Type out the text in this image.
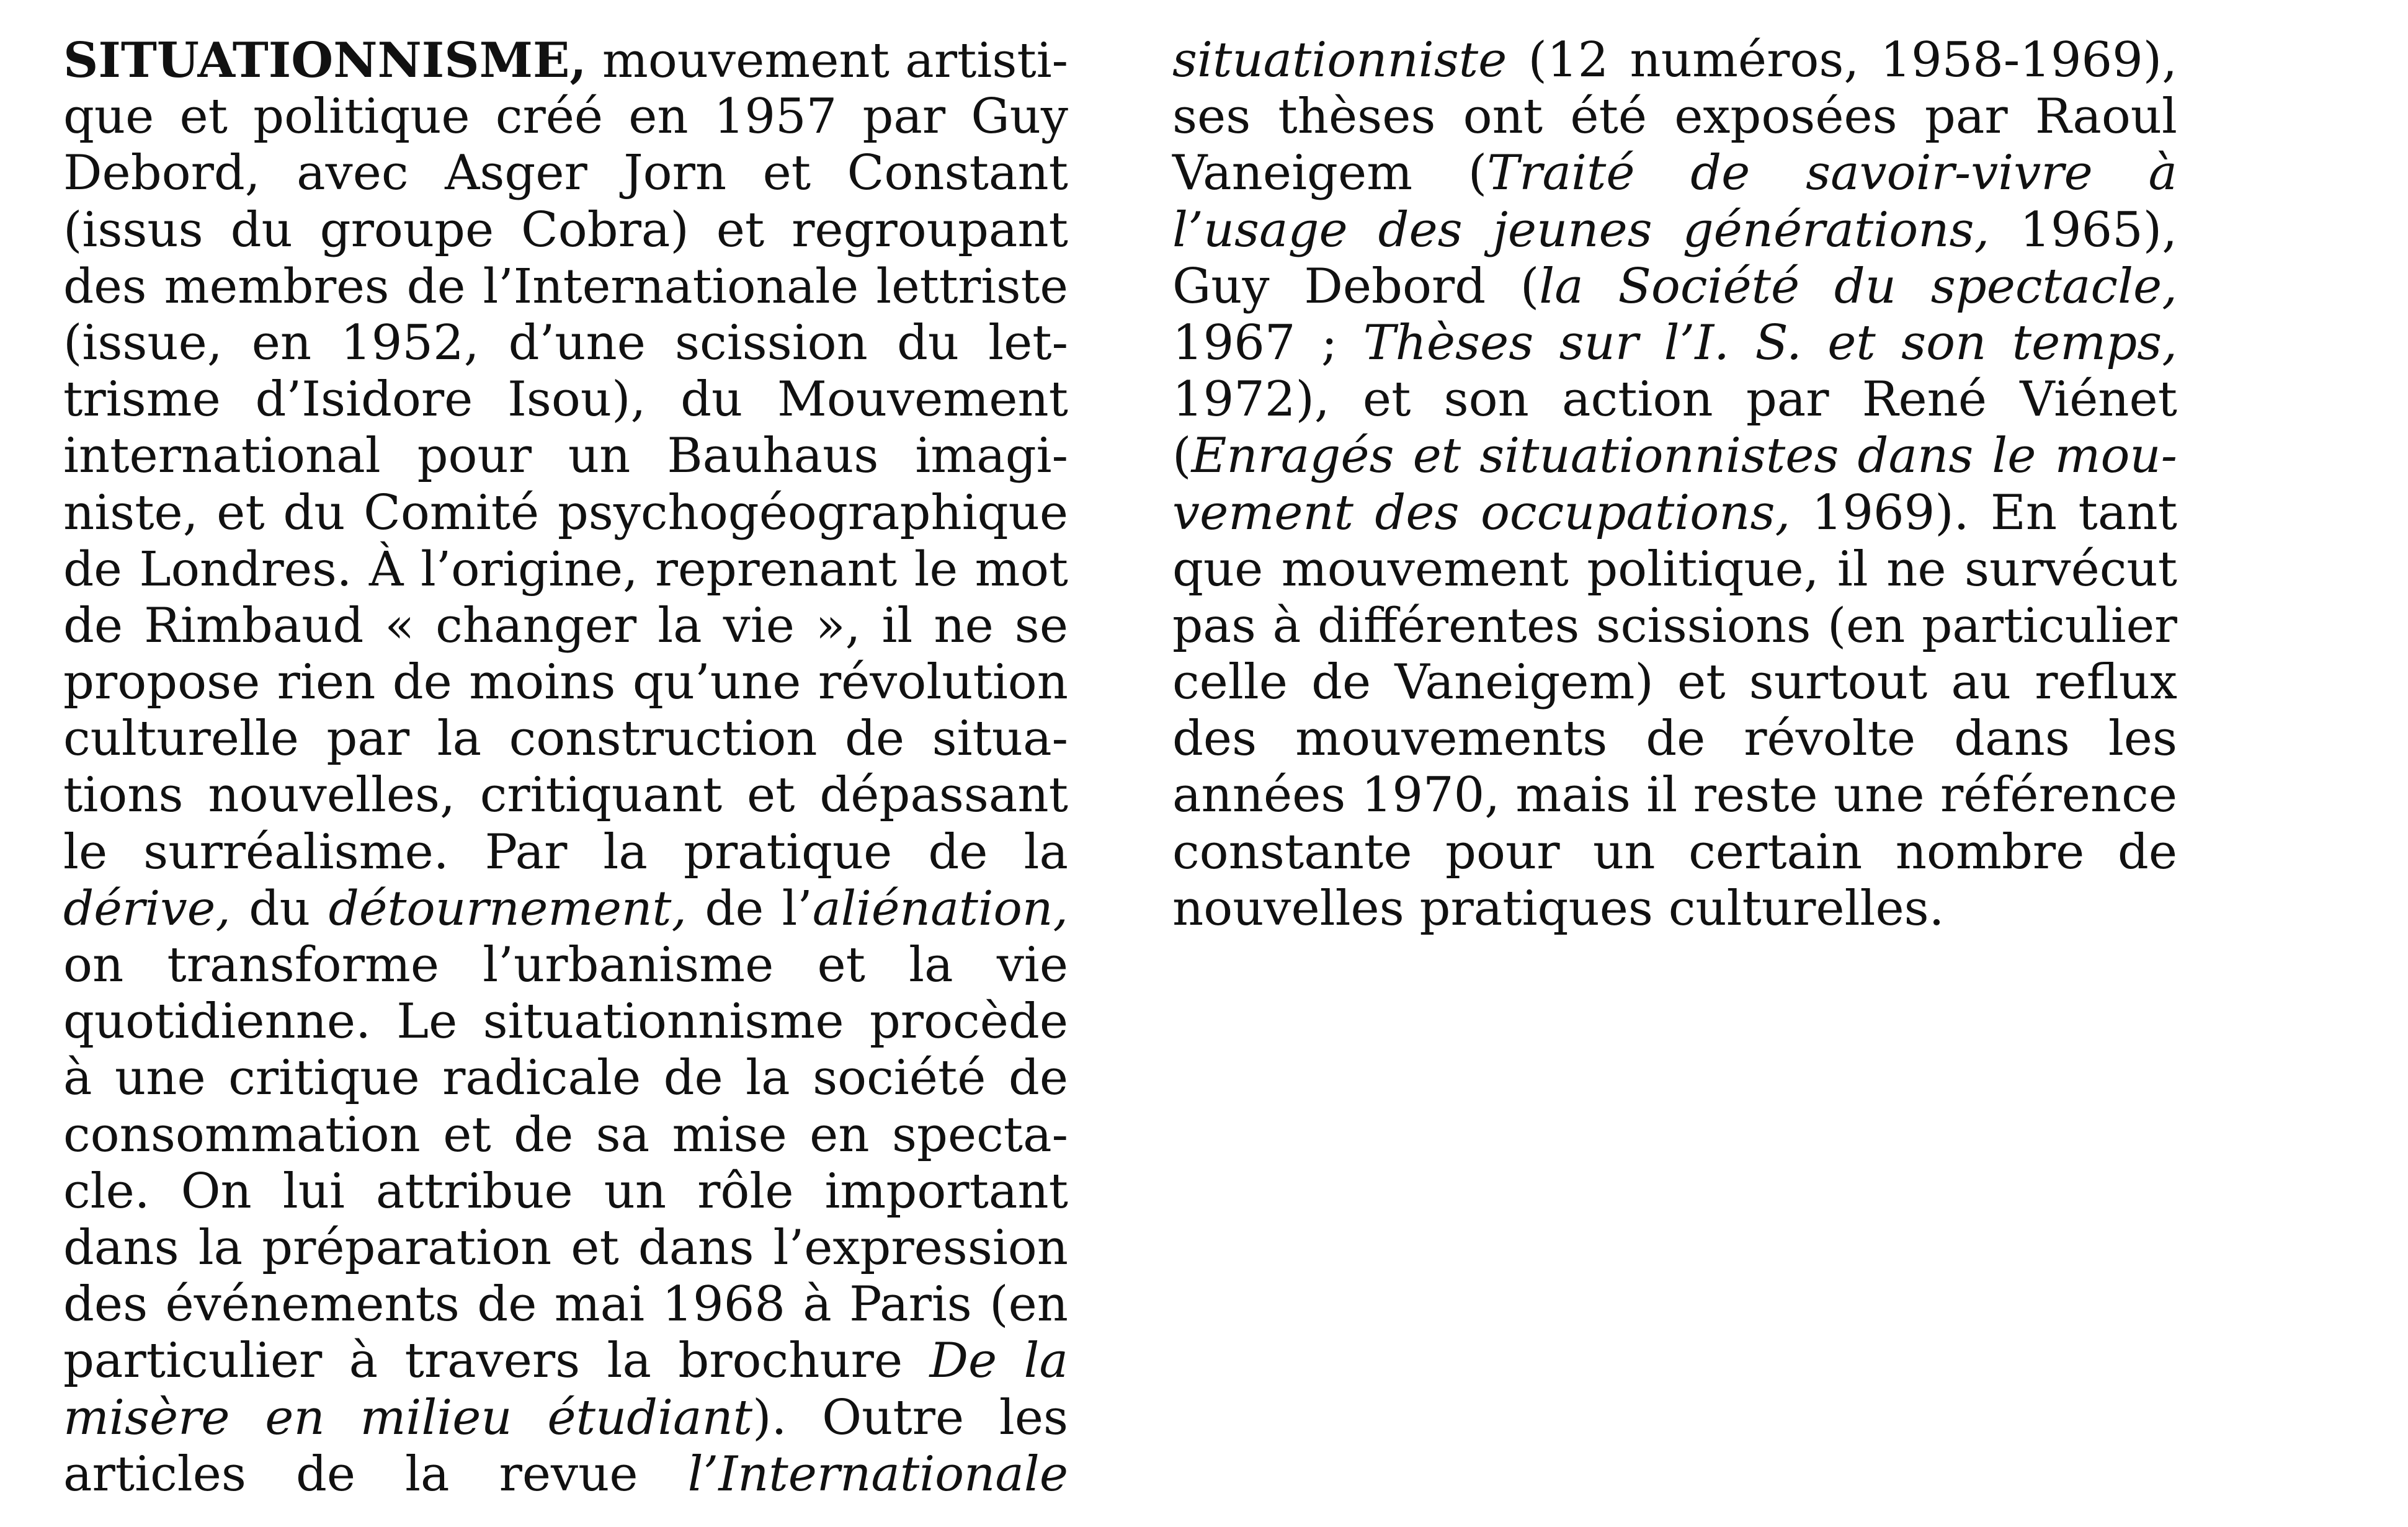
SITUATIONNISME, mouvement artisti-
que et politique créé en 1957 par Guy
Debord, avec Asger Jorn et Constant
(issus du groupe Cobra) et regroupant
des membres de l’Internationale lettriste
(issue, en 1952, d’une scission du let-
trisme d’Isidore Isou), du Mouvement
international pour un Bauhaus imagi-
niste, et du Comité psychogéographique
de Londres. À l’origine, reprenant le mot
de Rimbaud « changer la vie », il ne se
propose rien de moins qu’une révolution
culturelle par la construction de situa-
tions nouvelles, critiquant et dépassant
le surréalisme. Par la pratique de la
dérive, du détournement, de l’aliénation,
on transforme l’urbanisme et la vie
quotidienne. Le situationnisme procède
à une critique radicale de la société de
consommation et de sa mise en specta-
cle. On lui attribue un rôle important
dans la préparation et dans l’expression
des événements de mai 1968 à Paris (en
particulier à travers la brochure De la
misère en milieu étudiant). Outre les
articles de la revue l’Internationale
situationniste (12 numéros, 1958-1969),
ses thèses ont été exposées par Raoul
Vaneigem (Traité de savoir-vivre à
l’usage des jeunes générations, 1965),
Guy Debord (la Société du spectacle,
1967 ; Thèses sur l’I. S. et son temps,
1972), et son action par René Viénet
(Enragés et situationnistes dans le mou-
vement des occupations, 1969). En tant
que mouvement politique, il ne survécut
pas à différentes scissions (en particulier
celle de Vaneigem) et surtout au reflux
des mouvements de révolte dans les
années 1970, mais il reste une référence
constante pour un certain nombre de
nouvelles pratiques culturelles.
